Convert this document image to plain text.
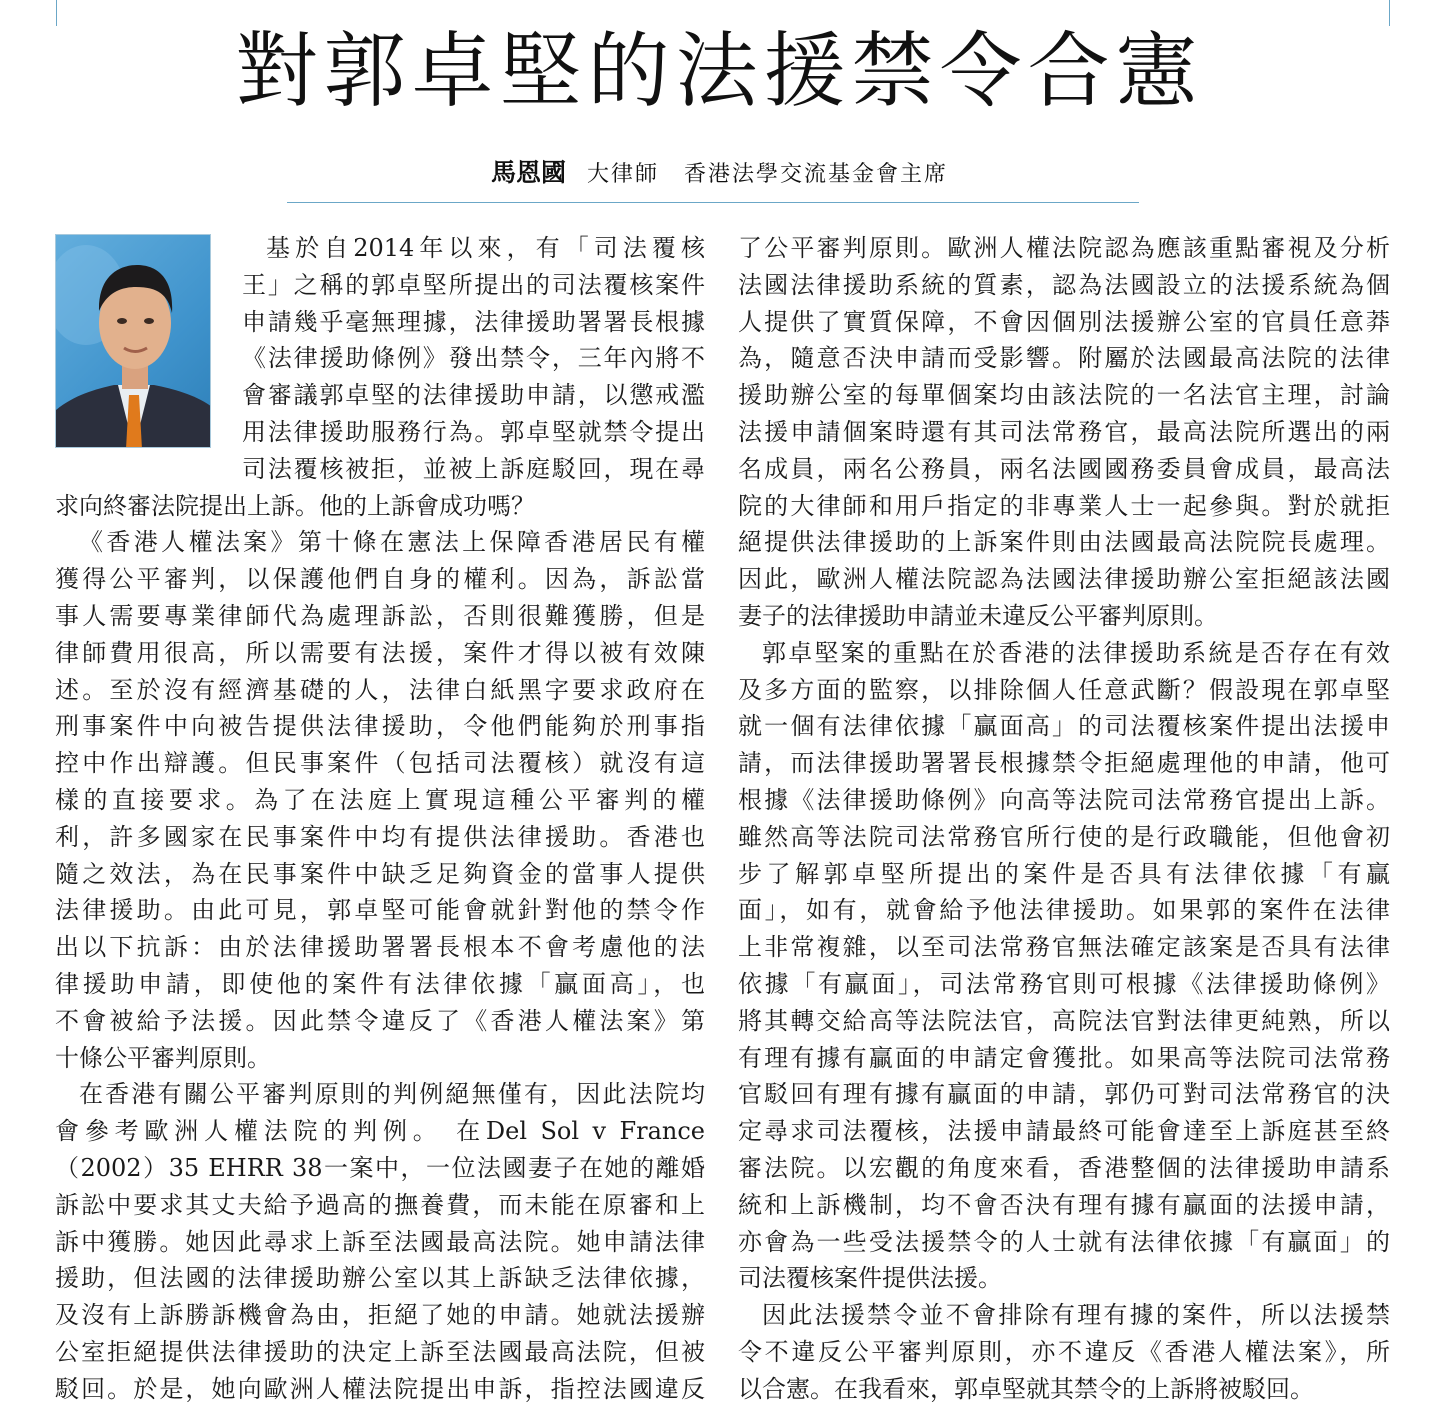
對郭卓堅的法援禁令合憲
馬恩國 大律師 香港法學交流基金會主席
基於自2014年以來，有「司法覆核
王」之稱的郭卓堅所提出的司法覆核案件
申請幾乎毫無理據，法律援助署署長根據
《法律援助條例》發出禁令，三年內將不
會審議郭卓堅的法律援助申請，以懲戒濫
用法律援助服務行為。郭卓堅就禁令提出
司法覆核被拒，並被上訴庭駁回，現在尋
求向終審法院提出上訴。他的上訴會成功嗎？
《香港人權法案》第十條在憲法上保障香港居民有權
獲得公平審判，以保護他們自身的權利。因為，訴訟當
事人需要專業律師代為處理訴訟，否則很難獲勝，但是
律師費用很高，所以需要有法援，案件才得以被有效陳
述。至於沒有經濟基礎的人，法律白紙黑字要求政府在
刑事案件中向被告提供法律援助，令他們能夠於刑事指
控中作出辯護。但民事案件（包括司法覆核）就沒有這
樣的直接要求。為了在法庭上實現這種公平審判的權
利，許多國家在民事案件中均有提供法律援助。香港也
隨之效法，為在民事案件中缺乏足夠資金的當事人提供
法律援助。由此可見，郭卓堅可能會就針對他的禁令作
出以下抗訴：由於法律援助署署長根本不會考慮他的法
律援助申請，即使他的案件有法律依據「贏面高」，也
不會被給予法援。因此禁令違反了《香港人權法案》第
十條公平審判原則。
在香港有關公平審判原則的判例絕無僅有，因此法院均
會參考歐洲人權法院的判例。 在Del Sol v France
（2002）35 EHRR 38一案中，一位法國妻子在她的離婚
訴訟中要求其丈夫給予過高的撫養費，而未能在原審和上
訴中獲勝。她因此尋求上訴至法國最高法院。她申請法律
援助，但法國的法律援助辦公室以其上訴缺乏法律依據，
及沒有上訴勝訴機會為由，拒絕了她的申請。她就法援辦
公室拒絕提供法律援助的決定上訴至法國最高法院，但被
駁回。於是，她向歐洲人權法院提出申訴，指控法國違反
了公平審判原則。歐洲人權法院認為應該重點審視及分析
法國法律援助系統的質素，認為法國設立的法援系統為個
人提供了實質保障，不會因個別法援辦公室的官員任意莽
為，隨意否決申請而受影響。附屬於法國最高法院的法律
援助辦公室的每單個案均由該法院的一名法官主理，討論
法援申請個案時還有其司法常務官，最高法院所選出的兩
名成員，兩名公務員，兩名法國國務委員會成員，最高法
院的大律師和用戶指定的非專業人士一起參與。對於就拒
絕提供法律援助的上訴案件則由法國最高法院院長處理。
因此，歐洲人權法院認為法國法律援助辦公室拒絕該法國
妻子的法律援助申請並未違反公平審判原則。
郭卓堅案的重點在於香港的法律援助系統是否存在有效
及多方面的監察，以排除個人任意武斷？假設現在郭卓堅
就一個有法律依據「贏面高」的司法覆核案件提出法援申
請，而法律援助署署長根據禁令拒絕處理他的申請，他可
根據《法律援助條例》向高等法院司法常務官提出上訴。
雖然高等法院司法常務官所行使的是行政職能，但他會初
步了解郭卓堅所提出的案件是否具有法律依據「有贏
面」，如有，就會給予他法律援助。如果郭的案件在法律
上非常複雜，以至司法常務官無法確定該案是否具有法律
依據「有贏面」，司法常務官則可根據《法律援助條例》
將其轉交給高等法院法官，高院法官對法律更純熟，所以
有理有據有贏面的申請定會獲批。如果高等法院司法常務
官駁回有理有據有贏面的申請，郭仍可對司法常務官的決
定尋求司法覆核，法援申請最終可能會達至上訴庭甚至終
審法院。以宏觀的角度來看，香港整個的法律援助申請系
統和上訴機制，均不會否決有理有據有贏面的法援申請，
亦會為一些受法援禁令的人士就有法律依據「有贏面」的
司法覆核案件提供法援。
因此法援禁令並不會排除有理有據的案件，所以法援禁
令不違反公平審判原則，亦不違反《香港人權法案》，所
以合憲。在我看來，郭卓堅就其禁令的上訴將被駁回。
